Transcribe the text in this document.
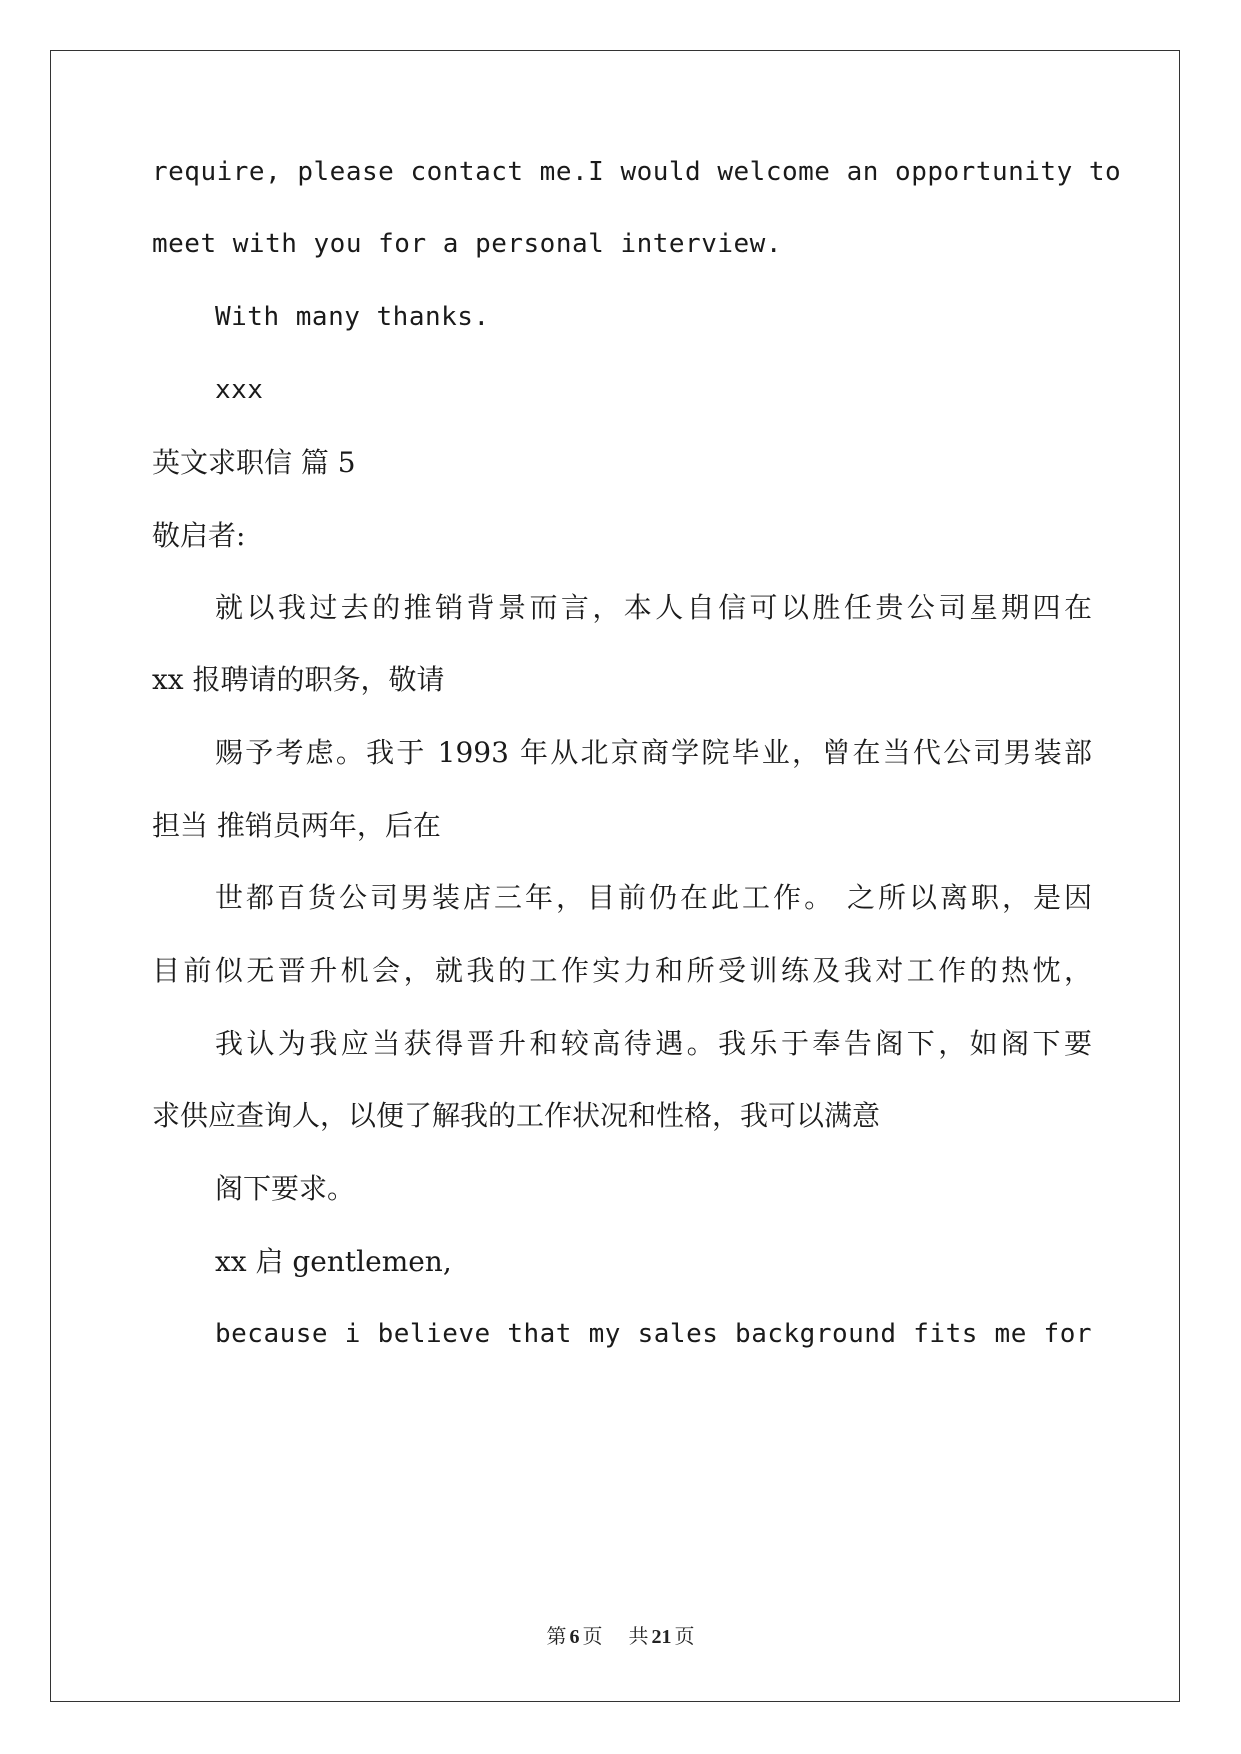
require, please contact me.I would welcome an opportunity to
meet with you for a personal interview.
With many thanks.
xxx
英文求职信 篇 5
敬启者:
就以我过去的推销背景而言，本人自信可以胜任贵公司星期四在
xx 报聘请的职务，敬请
赐予考虑。我于 1993 年从北京商学院毕业，曾在当代公司男装部
担当 推销员两年，后在
世都百货公司男装店三年，目前仍在此工作。 之所以离职，是因
目前似无晋升机会，就我的工作实力和所受训练及我对工作的热忱，
我认为我应当获得晋升和较高待遇。我乐于奉告阁下，如阁下要
求供应查询人，以便了解我的工作状况和性格，我可以满意
阁下要求。
xx 启 gentlemen,
because i believe that my sales background fits me for
第 6 页 共 21 页
